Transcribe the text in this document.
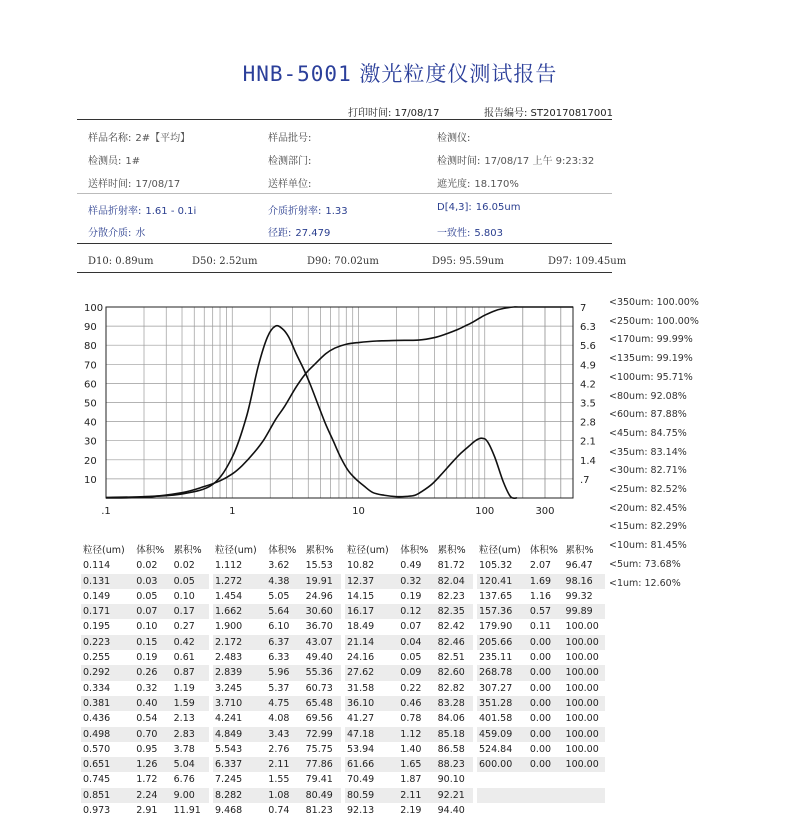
HNB-5001 激光粒度仪测试报告
打印时间: 17/08/17	报告编号: ST20170817001
样品名称: 2#【平均】	样品批号:	检测仪:
检测员: 1#	检测部门:	检测时间: 17/08/17 上午 9:23:32
送样时间: 17/08/17	送样单位:	遮光度: 18.170%
样品折射率: 1.61 - 0.1i	介质折射率: 1.33	D[4,3]: 16.05um
分散介质: 水	径距: 27.479	一致性: 5.803
D10: 0.89um	D50: 2.52um	D90: 70.02um	D95: 95.59um	D97: 109.45um
10
20
30
40
50
60
70
80
90
100
.7
1.4
2.1
2.8
3.5
4.2
4.9
5.6
6.3
7
.1	1	10	100	300
<350um: 100.00%
<250um: 100.00%
<170um: 99.99%
<135um: 99.19%
<100um: 95.71%
<80um: 92.08%
<60um: 87.88%
<45um: 84.75%
<35um: 83.14%
<30um: 82.71%
<25um: 82.52%
<20um: 82.45%
<15um: 82.29%
<10um: 81.45%
<5um: 73.68%
<1um: 12.60%
粒径(um)	体积%	累积%
0.114	0.02	0.02
0.131	0.03	0.05
0.149	0.05	0.10
0.171	0.07	0.17
0.195	0.10	0.27
0.223	0.15	0.42
0.255	0.19	0.61
0.292	0.26	0.87
0.334	0.32	1.19
0.381	0.40	1.59
0.436	0.54	2.13
0.498	0.70	2.83
0.570	0.95	3.78
0.651	1.26	5.04
0.745	1.72	6.76
0.851	2.24	9.00
0.973	2.91	11.91
粒径(um)	体积%	累积%
1.112	3.62	15.53
1.272	4.38	19.91
1.454	5.05	24.96
1.662	5.64	30.60
1.900	6.10	36.70
2.172	6.37	43.07
2.483	6.33	49.40
2.839	5.96	55.36
3.245	5.37	60.73
3.710	4.75	65.48
4.241	4.08	69.56
4.849	3.43	72.99
5.543	2.76	75.75
6.337	2.11	77.86
7.245	1.55	79.41
8.282	1.08	80.49
9.468	0.74	81.23
粒径(um)	体积%	累积%
10.82	0.49	81.72
12.37	0.32	82.04
14.15	0.19	82.23
16.17	0.12	82.35
18.49	0.07	82.42
21.14	0.04	82.46
24.16	0.05	82.51
27.62	0.09	82.60
31.58	0.22	82.82
36.10	0.46	83.28
41.27	0.78	84.06
47.18	1.12	85.18
53.94	1.40	86.58
61.66	1.65	88.23
70.49	1.87	90.10
80.59	2.11	92.21
92.13	2.19	94.40
粒径(um)	体积%	累积%
105.32	2.07	96.47
120.41	1.69	98.16
137.65	1.16	99.32
157.36	0.57	99.89
179.90	0.11	100.00
205.66	0.00	100.00
235.11	0.00	100.00
268.78	0.00	100.00
307.27	0.00	100.00
351.28	0.00	100.00
401.58	0.00	100.00
459.09	0.00	100.00
524.84	0.00	100.00
600.00	0.00	100.00
